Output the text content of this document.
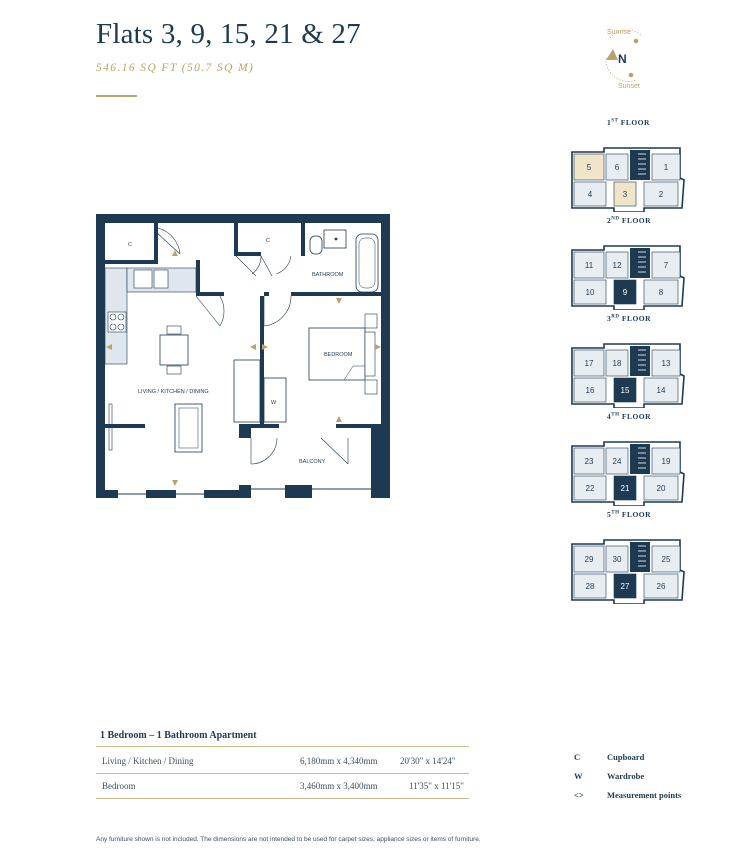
Flats 3, 9, 15, 21 & 27
546.16 SQ FT (50.7 SQ M)
N
Sunrise
Sunset
C
C
BATHROOM
BEDROOM
LIVING / KITCHEN / DINING
W
BALCONY
1ST FLOOR
5	6	1
4	3	2
2ND FLOOR
11 12	7
10	9	8
3RD FLOOR
17 18	13
16	15	14
4TH FLOOR
23 24	19
22	21	20
5TH FLOOR
29 30	25
28	27	26
1 Bedroom – 1 Bathroom Apartment
Living / Kitchen / Dining	6,180mm x 4,340mm 20'30" x 14'24"
Bedroom	3,460mm x 3,400mm	11'35" x 11'15"
C	Cupboard
W	Wardrobe
<>	Measurement points
Any furniture shown is not included. The dimensions are not intended to be used for carpet sizes, appliance sizes or items of furniture.
